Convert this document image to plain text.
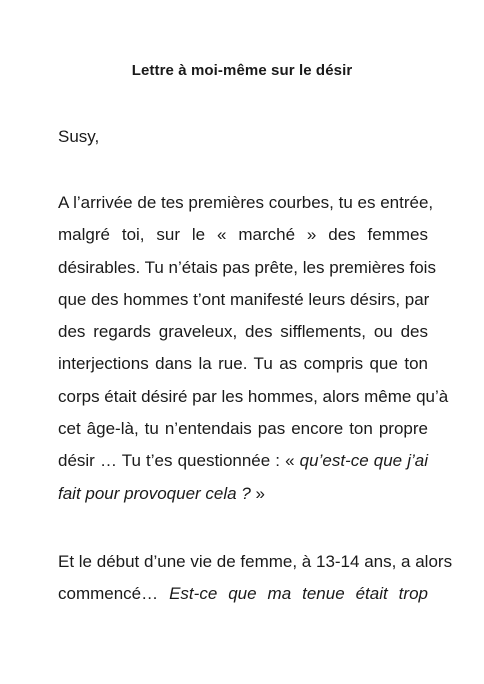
Lettre à moi-même sur le désir
Susy,
A l’arrivée de tes premières courbes, tu es entrée,
malgré toi, sur le « marché » des femmes
désirables. Tu n’étais pas prête, les premières fois
que des hommes t’ont manifesté leurs désirs, par
des regards graveleux, des sifflements, ou des
interjections dans la rue. Tu as compris que ton
corps était désiré par les hommes, alors même qu’à
cet âge-là, tu n’entendais pas encore ton propre
désir … Tu t’es questionnée : « qu’est-ce que j’ai
fait pour provoquer cela ? »
Et le début d’une vie de femme, à 13-14 ans, a alors
commencé… Est-ce que ma tenue était trop
